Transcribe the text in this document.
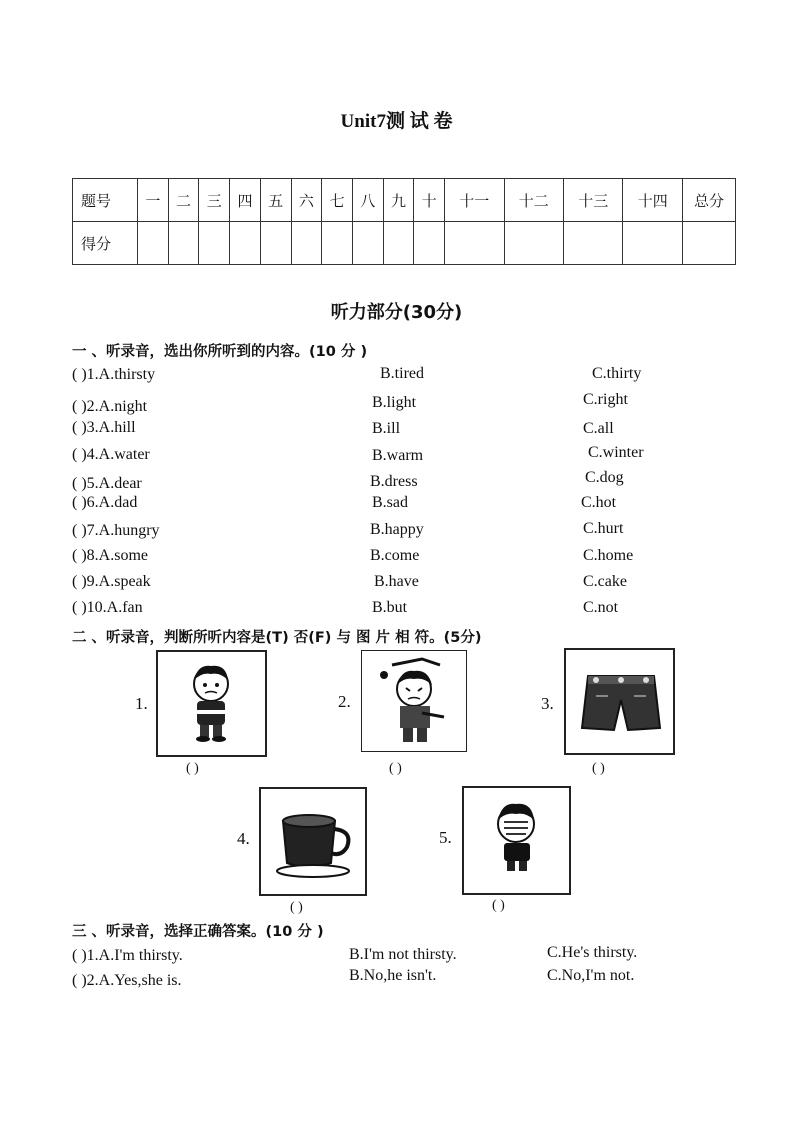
Unit7测 试 卷
题号	一	二	三	四	五	六	七	八	九	十	十一	十二	十三	十四	总分
得分															
听力部分(30分)
一 、听录音，选出你所听到的内容。(10 分 )
( )1.A.thirsty	B.tired	C.thirty
( )2.A.night	B.light	C.right
( )3.A.hill	B.ill	C.all
( )4.A.water	B.warm	C.winter
( )5.A.dear	B.dress	C.dog
( )6.A.dad	B.sad	C.hot
( )7.A.hungry	B.happy	C.hurt
( )8.A.some	B.come	C.home
( )9.A.speak	B.have	C.cake
( )10.A.fan	B.but	C.not
二 、听录音，判断所听内容是(T) 否(F) 与 图 片 相 符。(5分)
1.
( )
2.
( )
3.
( )
4.
( )
5.
( )
三 、听录音，选择正确答案。(10 分 )
( )1.A.I'm thirsty.	B.I'm not thirsty.	C.He's thirsty.
( )2.A.Yes,she is.	B.No,he isn't.	C.No,I'm not.
